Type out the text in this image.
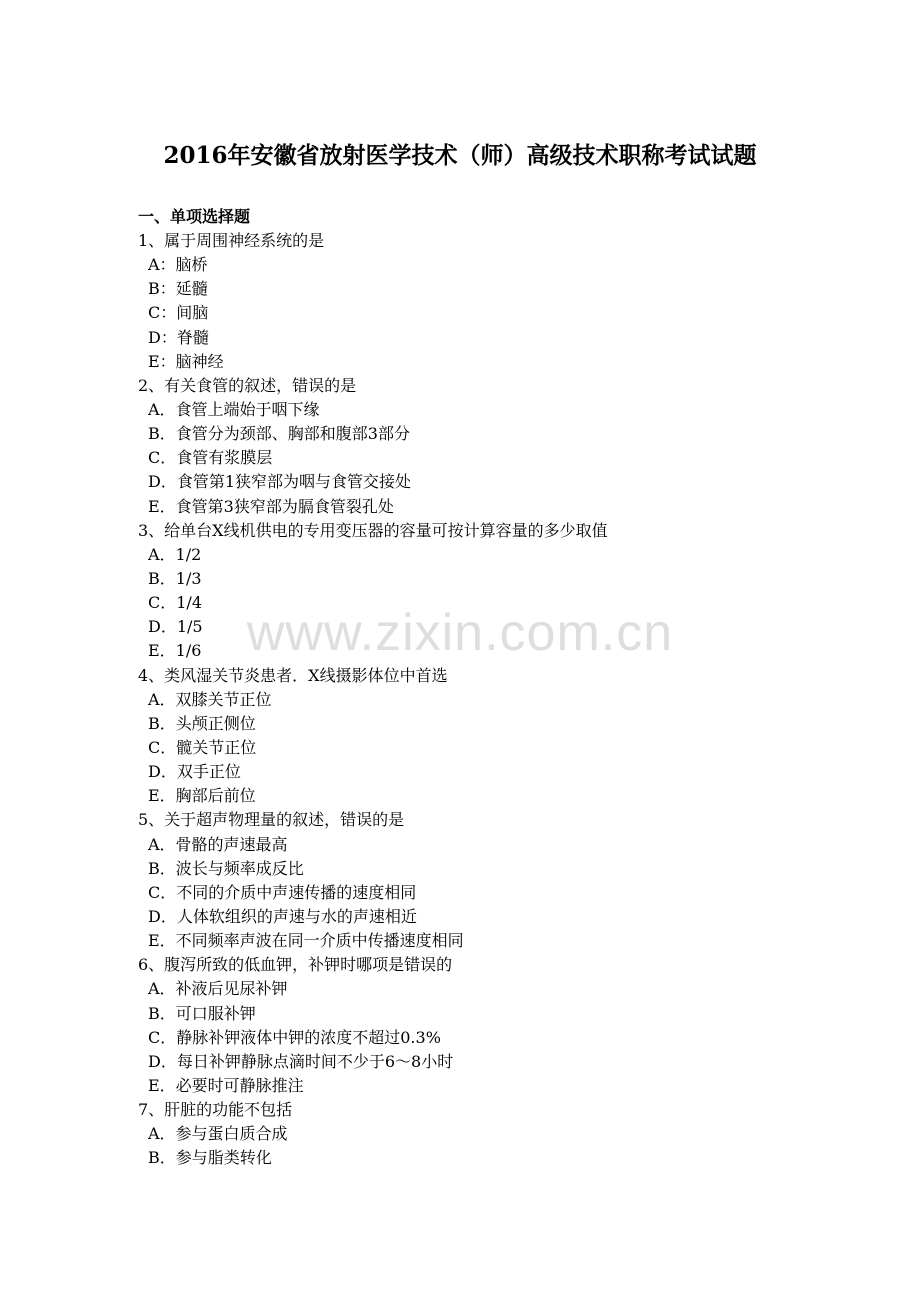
2016年安徽省放射医学技术（师）高级技术职称考试试题
一、单项选择题
1、属于周围神经系统的是
A：脑桥
B：延髓
C：间脑
D：脊髓
E：脑神经
2、有关食管的叙述，错误的是
A．食管上端始于咽下缘
B．食管分为颈部、胸部和腹部3部分
C．食管有浆膜层
D．食管第1狭窄部为咽与食管交接处
E．食管第3狭窄部为膈食管裂孔处
3、给单台X线机供电的专用变压器的容量可按计算容量的多少取值
A．1/2
B．1/3
C．1/4
D．1/5
E．1/6
4、类风湿关节炎患者．X线摄影体位中首选
A．双膝关节正位
B．头颅正侧位
C．髋关节正位
D．双手正位
E．胸部后前位
5、关于超声物理量的叙述，错误的是
A．骨骼的声速最高
B．波长与频率成反比
C．不同的介质中声速传播的速度相同
D．人体软组织的声速与水的声速相近
E．不同频率声波在同一介质中传播速度相同
6、腹泻所致的低血钾，补钾时哪项是错误的
A．补液后见尿补钾
B．可口服补钾
C．静脉补钾液体中钾的浓度不超过0.3%
D．每日补钾静脉点滴时间不少于6～8小时
E．必要时可静脉推注
7、肝脏的功能不包括
A．参与蛋白质合成
B．参与脂类转化
www.zixin.com.cn
